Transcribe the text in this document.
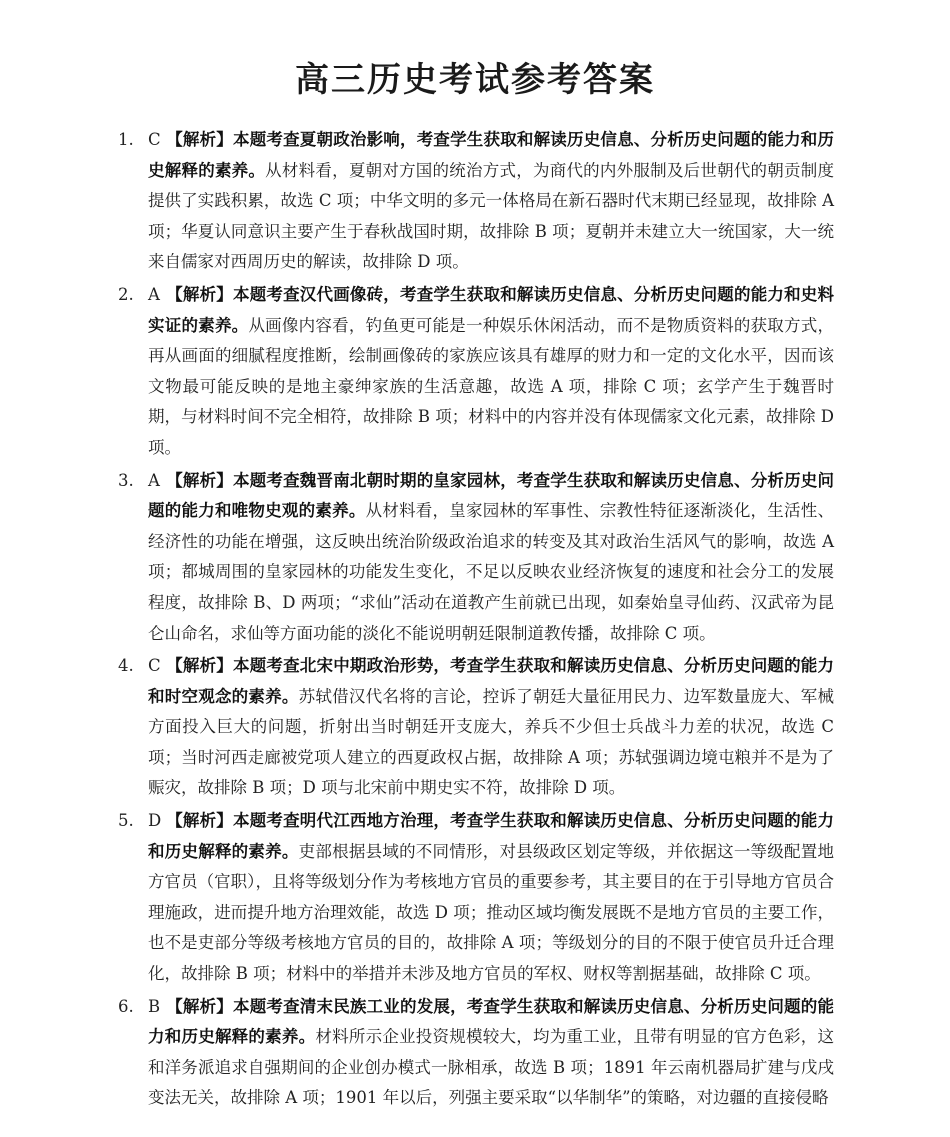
高三历史考试参考答案
1. C 【解析】本题考查夏朝政治影响，考查学生获取和解读历史信息、分析历史问题的能力和历史解释的素养。从材料看，夏朝对方国的统治方式，为商代的内外服制及后世朝代的朝贡制度提供了实践积累，故选 C 项；中华文明的多元一体格局在新石器时代末期已经显现，故排除 A 项；华夏认同意识主要产生于春秋战国时期，故排除 B 项；夏朝并未建立大一统国家，大一统来自儒家对西周历史的解读，故排除 D 项。

2. A 【解析】本题考查汉代画像砖，考查学生获取和解读历史信息、分析历史问题的能力和史料实证的素养。从画像内容看，钓鱼更可能是一种娱乐休闲活动，而不是物质资料的获取方式，再从画面的细腻程度推断，绘制画像砖的家族应该具有雄厚的财力和一定的文化水平，因而该文物最可能反映的是地主豪绅家族的生活意趣，故选 A 项，排除 C 项；玄学产生于魏晋时期，与材料时间不完全相符，故排除 B 项；材料中的内容并没有体现儒家文化元素，故排除 D 项。

3. A 【解析】本题考查魏晋南北朝时期的皇家园林，考查学生获取和解读历史信息、分析历史问题的能力和唯物史观的素养。从材料看，皇家园林的军事性、宗教性特征逐渐淡化，生活性、经济性的功能在增强，这反映出统治阶级政治追求的转变及其对政治生活风气的影响，故选 A 项；都城周围的皇家园林的功能发生变化，不足以反映农业经济恢复的速度和社会分工的发展程度，故排除 B、D 两项；“求仙”活动在道教产生前就已出现，如秦始皇寻仙药、汉武帝为昆仑山命名，求仙等方面功能的淡化不能说明朝廷限制道教传播，故排除 C 项。

4. C 【解析】本题考查北宋中期政治形势，考查学生获取和解读历史信息、分析历史问题的能力和时空观念的素养。苏轼借汉代名将的言论，控诉了朝廷大量征用民力、边军数量庞大、军械方面投入巨大的问题，折射出当时朝廷开支庞大，养兵不少但士兵战斗力差的状况，故选 C 项；当时河西走廊被党项人建立的西夏政权占据，故排除 A 项；苏轼强调边境屯粮并不是为了赈灾，故排除 B 项；D 项与北宋前中期史实不符，故排除 D 项。

5. D 【解析】本题考查明代江西地方治理，考查学生获取和解读历史信息、分析历史问题的能力和历史解释的素养。吏部根据县域的不同情形，对县级政区划定等级，并依据这一等级配置地方官员（官职），且将等级划分作为考核地方官员的重要参考，其主要目的在于引导地方官员合理施政，进而提升地方治理效能，故选 D 项；推动区域均衡发展既不是地方官员的主要工作，也不是吏部分等级考核地方官员的目的，故排除 A 项；等级划分的目的不限于使官员升迁合理化，故排除 B 项；材料中的举措并未涉及地方官员的军权、财权等割据基础，故排除 C 项。

6. B 【解析】本题考查清末民族工业的发展，考查学生获取和解读历史信息、分析历史问题的能力和历史解释的素养。材料所示企业投资规模较大，均为重工业，且带有明显的官方色彩，这和洋务派追求自强期间的企业创办模式一脉相承，故选 B 项；1891 年云南机器局扩建与戊戌变法无关，故排除 A 项；1901 年以后，列强主要采取“以华制华”的策略，对边疆的直接侵略
